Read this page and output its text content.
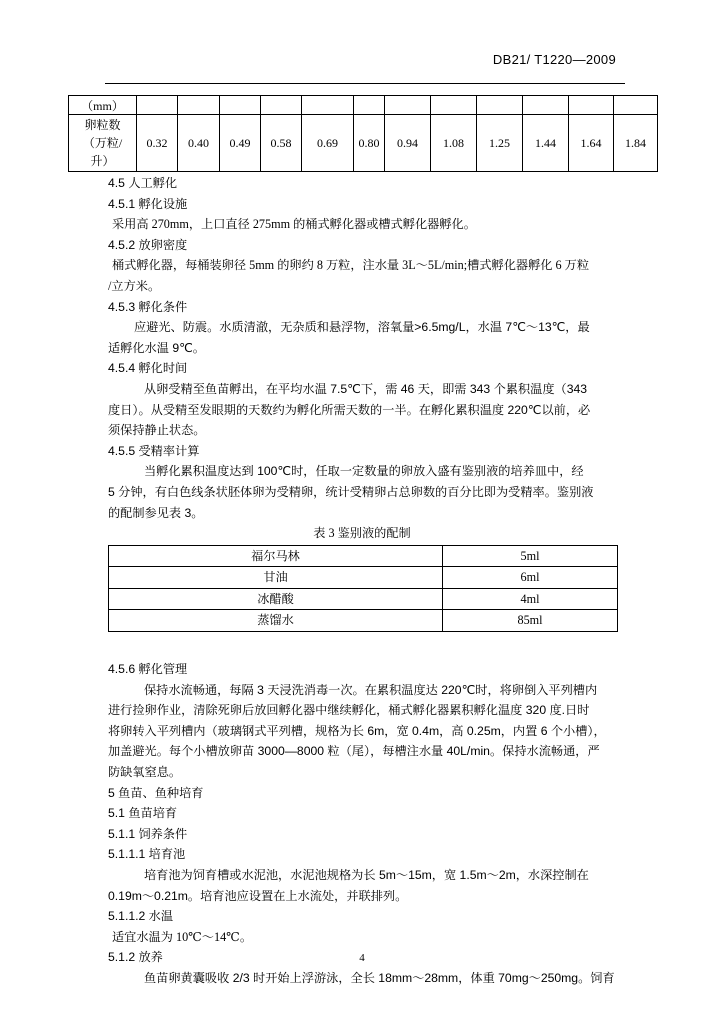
DB21/ T1220—2009
（mm）												

卵粒数
（万粒/
升）	0.32	0.40	0.49	0.58	0.69	0.80	0.94	1.08	1.25	1.44	1.64	1.84

4.5 人工孵化

4.5.1 孵化设施

采用高 270mm，上口直径 275mm 的桶式孵化器或槽式孵化器孵化。

4.5.2 放卵密度

桶式孵化器，每桶装卵径 5mm 的卵约 8 万粒，注水量 3L～5L/min;槽式孵化器孵化 6 万粒

/立方米。

4.5.3 孵化条件

应避光、防震。水质清澈，无杂质和悬浮物，溶氧量>6.5mg/L，水温 7℃～13℃，最

适孵化水温 9℃。

4.5.4 孵化时间

从卵受精至鱼苗孵出，在平均水温 7.5℃下，需 46 天，即需 343 个累积温度（343

度日）。从受精至发眼期的天数约为孵化所需天数的一半。在孵化累积温度 220℃以前，必

须保持静止状态。

4.5.5 受精率计算

当孵化累积温度达到 100℃时，任取一定数量的卵放入盛有鉴别液的培养皿中，经

5 分钟，有白色线条状胚体卵为受精卵，统计受精卵占总卵数的百分比即为受精率。鉴别液

的配制参见表 3。

表 3 鉴别液的配制

福尔马林	5ml
甘油	6ml
冰醋酸	4ml
蒸馏水	85ml

4.5.6 孵化管理

保持水流畅通，每隔 3 天浸洗消毒一次。在累积温度达 220℃时，将卵倒入平列槽内

进行捡卵作业，清除死卵后放回孵化器中继续孵化，桶式孵化器累积孵化温度 320 度.日时

将卵转入平列槽内（玻璃钢式平列槽，规格为长 6m，宽 0.4m，高 0.25m，内置 6 个小槽），

加盖避光。每个小槽放卵苗 3000—8000 粒（尾），每槽注水量 40L/min。保持水流畅通，严

防缺氧窒息。

5 鱼苗、鱼种培育

5.1 鱼苗培育

5.1.1 饲养条件

5.1.1.1 培育池

培育池为饲育槽或水泥池，水泥池规格为长 5m～15m，宽 1.5m～2m，水深控制在

0.19m～0.21m。培育池应设置在上水流处，并联排列。

5.1.1.2 水温

适宜水温为 10℃～14℃。

5.1.2 放养

鱼苗卵黄囊吸收 2/3 时开始上浮游泳，全长 18mm～28mm，体重 70mg～250mg。饲育

4
